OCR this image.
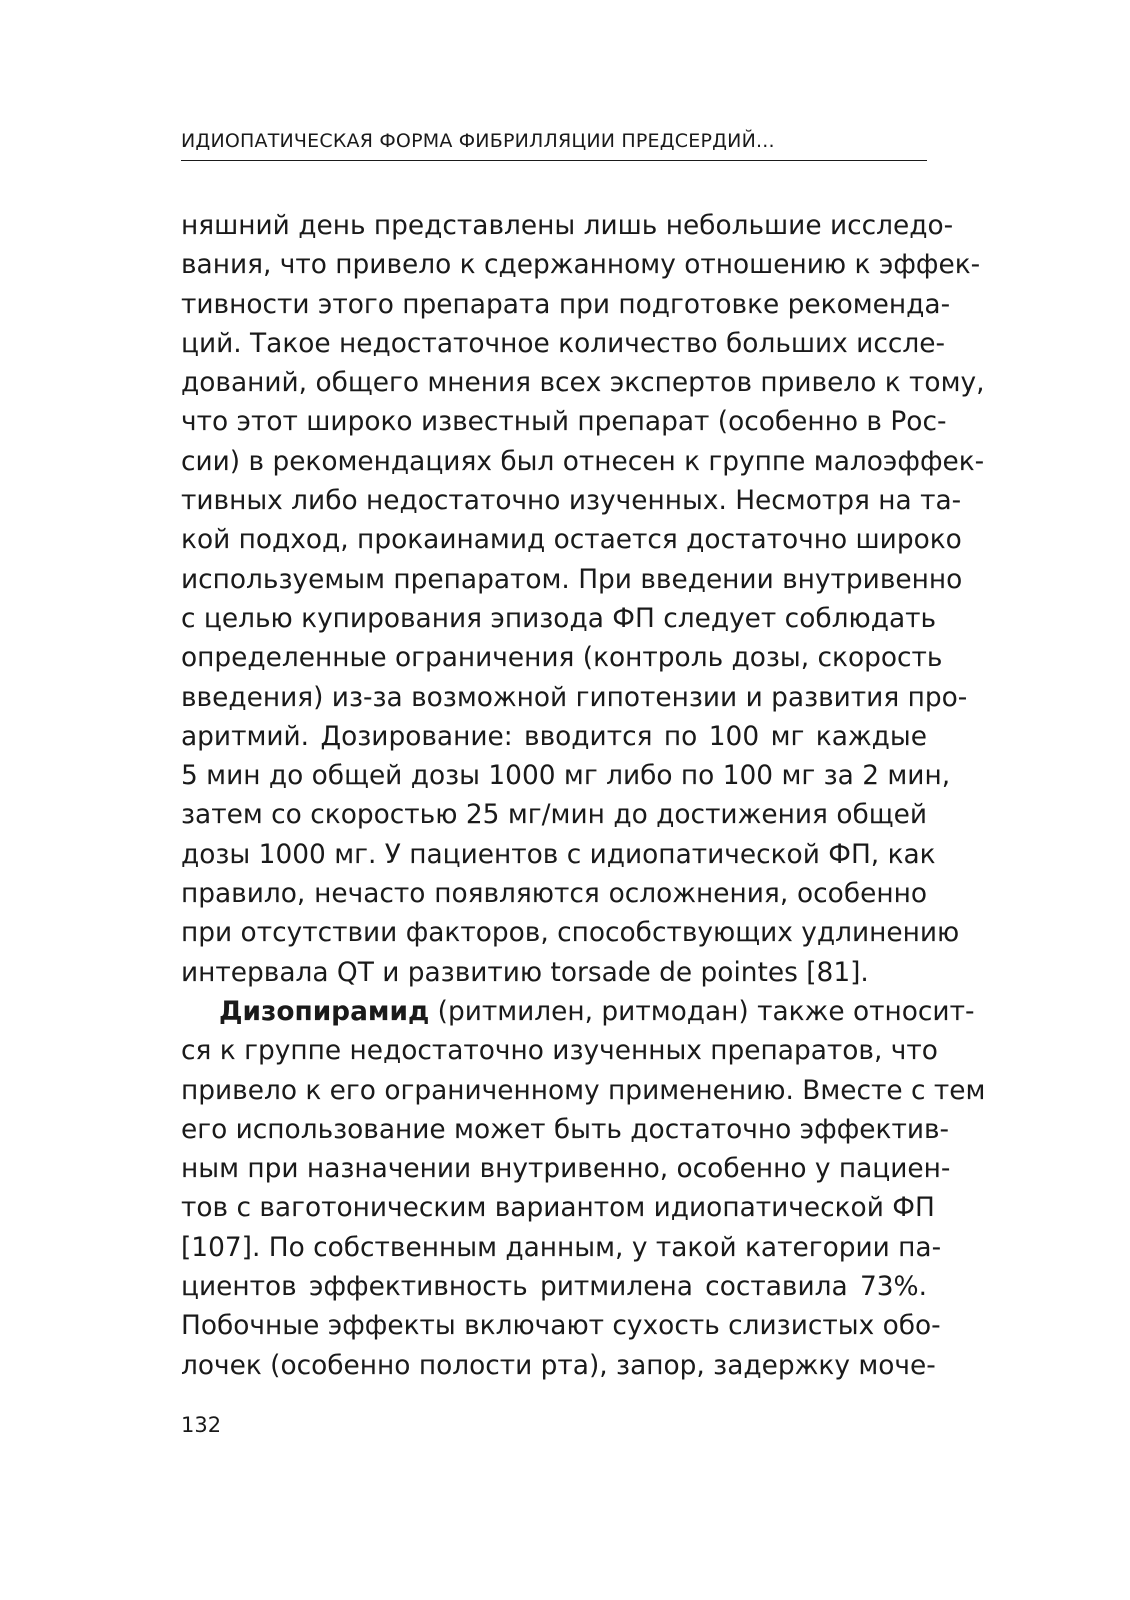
ИДИОПАТИЧЕСКАЯ ФОРМА ФИБРИЛЛЯЦИИ ПРЕДСЕРДИЙ...
няшний день представлены лишь небольшие исследо-
вания, что привело к сдержанному отношению к эффек-
тивности этого препарата при подготовке рекоменда-
ций. Такое недостаточное количество больших иссле-
дований, общего мнения всех экспертов привело к тому,
что этот широко известный препарат (особенно в Рос-
сии) в рекомендациях был отнесен к группе малоэффек-
тивных либо недостаточно изученных. Несмотря на та-
кой подход, прокаинамид остается достаточно широко
используемым препаратом. При введении внутривенно
с целью купирования эпизода ФП следует соблюдать
определенные ограничения (контроль дозы, скорость
введения) из-за возможной гипотензии и развития про-
аритмий. Дозирование: вводится по 100 мг каждые
5 мин до общей дозы 1000 мг либо по 100 мг за 2 мин,
затем со скоростью 25 мг/мин до достижения общей
дозы 1000 мг. У пациентов с идиопатической ФП, как
правило, нечасто появляются осложнения, особенно
при отсутствии факторов, способствующих удлинению
интервала QT и развитию torsade de pointes [81].
Дизопирамид (ритмилен, ритмодан) также относит-
ся к группе недостаточно изученных препаратов, что
привело к его ограниченному применению. Вместе с тем
его использование может быть достаточно эффектив-
ным при назначении внутривенно, особенно у пациен-
тов с ваготоническим вариантом идиопатической ФП
[107]. По собственным данным, у такой категории па-
циентов эффективность ритмилена составила 73%.
Побочные эффекты включают сухость слизистых обо-
лочек (особенно полости рта), запор, задержку моче-
132
